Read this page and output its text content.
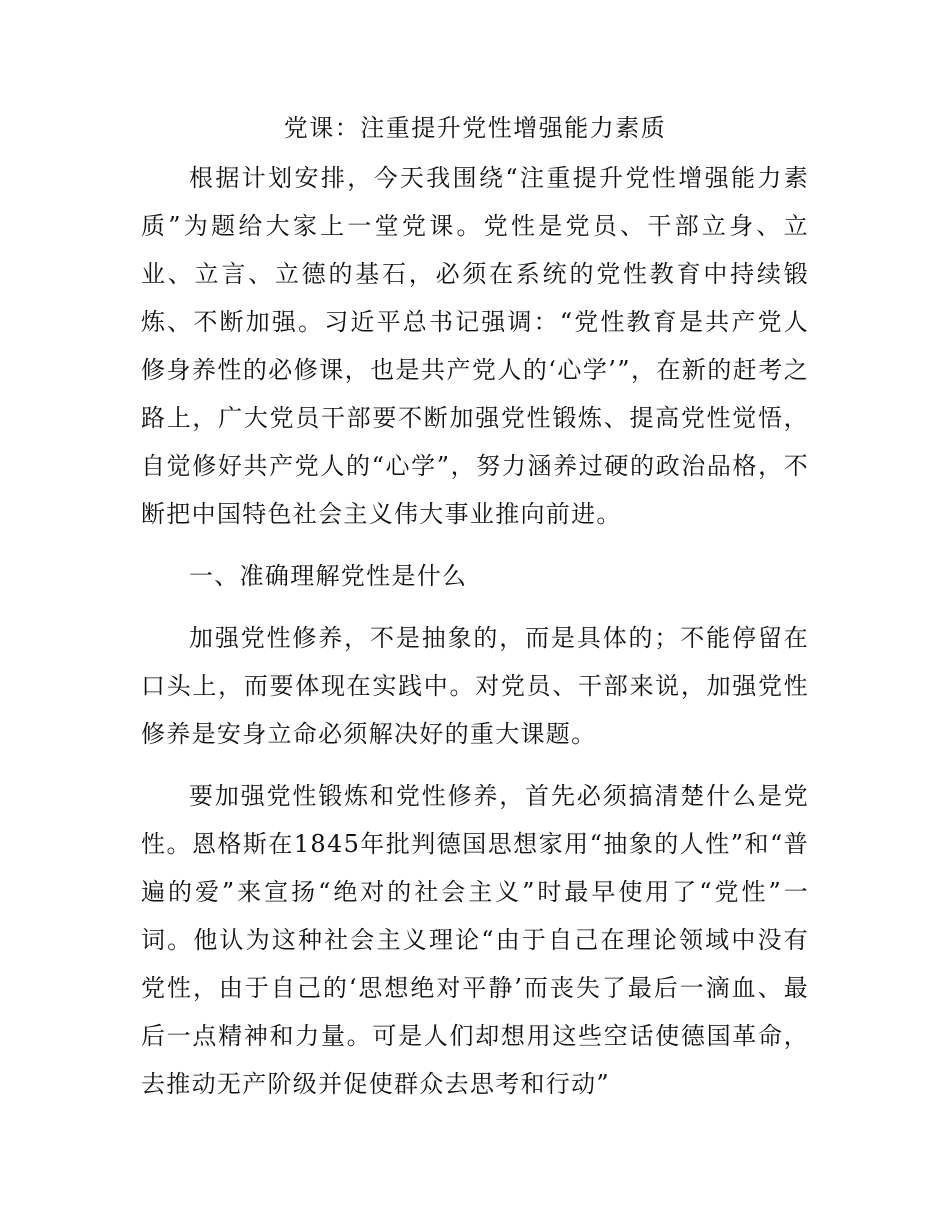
党课：注重提升党性增强能力素质

根据计划安排，今天我围绕“注重提升党性增强能力素质”为题给大家上一堂党课。党性是党员、干部立身、立业、立言、立德的基石，必须在系统的党性教育中持续锻炼、不断加强。习近平总书记强调：“党性教育是共产党人修身养性的必修课，也是共产党人的‘心学’”，在新的赶考之路上，广大党员干部要不断加强党性锻炼、提高党性觉悟，自觉修好共产党人的“心学”，努力涵养过硬的政治品格，不断把中国特色社会主义伟大事业推向前进。

一、准确理解党性是什么

加强党性修养，不是抽象的，而是具体的；不能停留在口头上，而要体现在实践中。对党员、干部来说，加强党性修养是安身立命必须解决好的重大课题。

要加强党性锻炼和党性修养，首先必须搞清楚什么是党性。恩格斯在1845年批判德国思想家用“抽象的人性”和“普遍的爱”来宣扬“绝对的社会主义”时最早使用了“党性”一词。他认为这种社会主义理论“由于自己在理论领域中没有党性，由于自己的‘思想绝对平静’而丧失了最后一滴血、最后一点精神和力量。可是人们却想用这些空话使德国革命，去推动无产阶级并促使群众去思考和行动”
